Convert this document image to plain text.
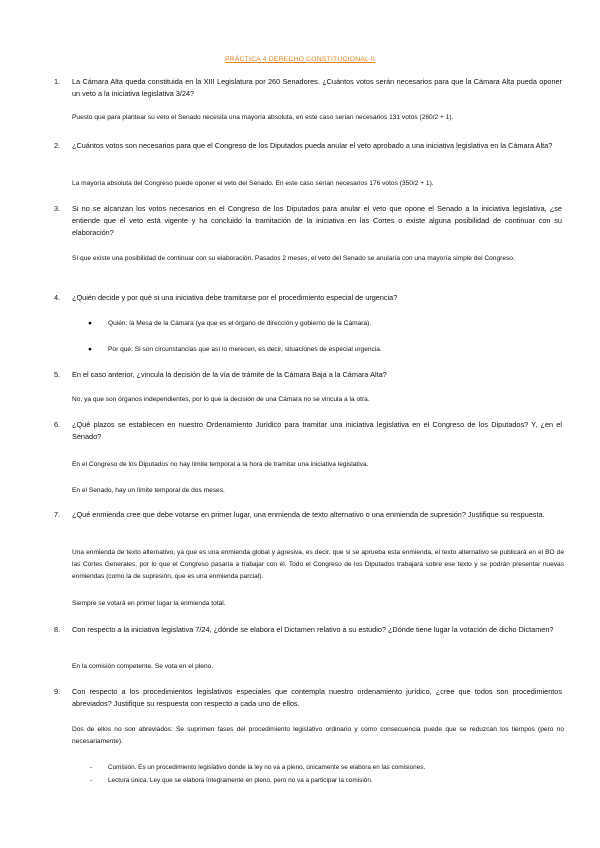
PRÁCTICA 4 DERECHO CONSTITUCIONAL II
1. La Cámara Alta queda constituida en la XIII Legislatura por 260 Senadores. ¿Cuántos votos serán necesarios para que la Cámara Alta pueda oponer un veto a la iniciativa legislativa 3/24?
Puesto que para plantear su veto el Senado necesita una mayoría absoluta, en este caso serían necesarios 131 votos (260/2 + 1).
2. ¿Cuántos votos son necesarios para que el Congreso de los Diputados pueda anular el veto aprobado a una iniciativa legislativa en la Cámara Alta?
La mayoría absoluta del Congreso puede oponer el veto del Senado. En este caso serían necesarios 176 votos (350/2 + 1).
3. Si no se alcanzan los votos necesarios en el Congreso de los Diputados para anular el veto que opone el Senado a la iniciativa legislativa, ¿se entiende que el veto está vigente y ha concluido la tramitación de la iniciativa en las Cortes o existe alguna posibilidad de continuar con su elaboración?
Sí que existe una posibilidad de continuar con su elaboración. Pasados 2 meses, el veto del Senado se anularía con una mayoría simple del Congreso.
4. ¿Quién decide y por qué si una iniciativa debe tramitarse por el procedimiento especial de urgencia?
● Quién: la Mesa de la Cámara (ya que es el órgano de dirección y gobierno de la Cámara).
● Por qué: Si son circunstancias que así lo merecen, es decir, situaciones de especial urgencia.
5. En el caso anterior, ¿vincula la decisión de la vía de trámite de la Cámara Baja a la Cámara Alta?
No, ya que son órganos independientes, por lo que la decisión de una Cámara no se vincula a la otra.
6. ¿Qué plazos se establecen en nuestro Ordenamiento Jurídico para tramitar una iniciativa legislativa en el Congreso de los Diputados? Y, ¿en el Senado?
En el Congreso de los Diputados no hay límite temporal a la hora de tramitar una iniciativa legislativa.
En el Senado, hay un límite temporal de dos meses.
7. ¿Qué enmienda cree que debe votarse en primer lugar, una enmienda de texto alternativo o una enmienda de supresión? Justifique su respuesta.
Una enmienda de texto alternativo, ya que es una enmienda global y agresiva, es decir, que si se aprueba esta enmienda, el texto alternativo se publicará en el BO de las Cortes Generales, por lo que el Congreso pasaría a trabajar con él. Todo el Congreso de los Diputados trabajará sobre ese texto y se podrán presentar nuevas enmiendas (como la de supresión, que es una enmienda parcial).
Siempre se votará en primer lugar la enmienda total.
8. Con respecto a la iniciativa legislativa 7/24, ¿dónde se elabora el Dictamen relativo a su estudio? ¿Dónde tiene lugar la votación de dicho Dictamen?
En la comisión competente. Se vota en el pleno.
9. Con respecto a los procedimientos legislativos especiales que contempla nuestro ordenamiento jurídico, ¿cree que todos son procedimientos abreviados? Justifique su respuesta con respecto a cada uno de ellos.
Dos de ellos no son abreviados: Se suprimen fases del procedimiento legislativo ordinario y como consecuencia puede que se reduzcan los tiempos (pero no necesariamente).
- Comisión. Es un procedimiento legislativo donde la ley no va a pleno, únicamente se elabora en las comisiones.
- Lectura única. Ley que se elabora íntegramente en pleno, pero no va a participar la comisión.
